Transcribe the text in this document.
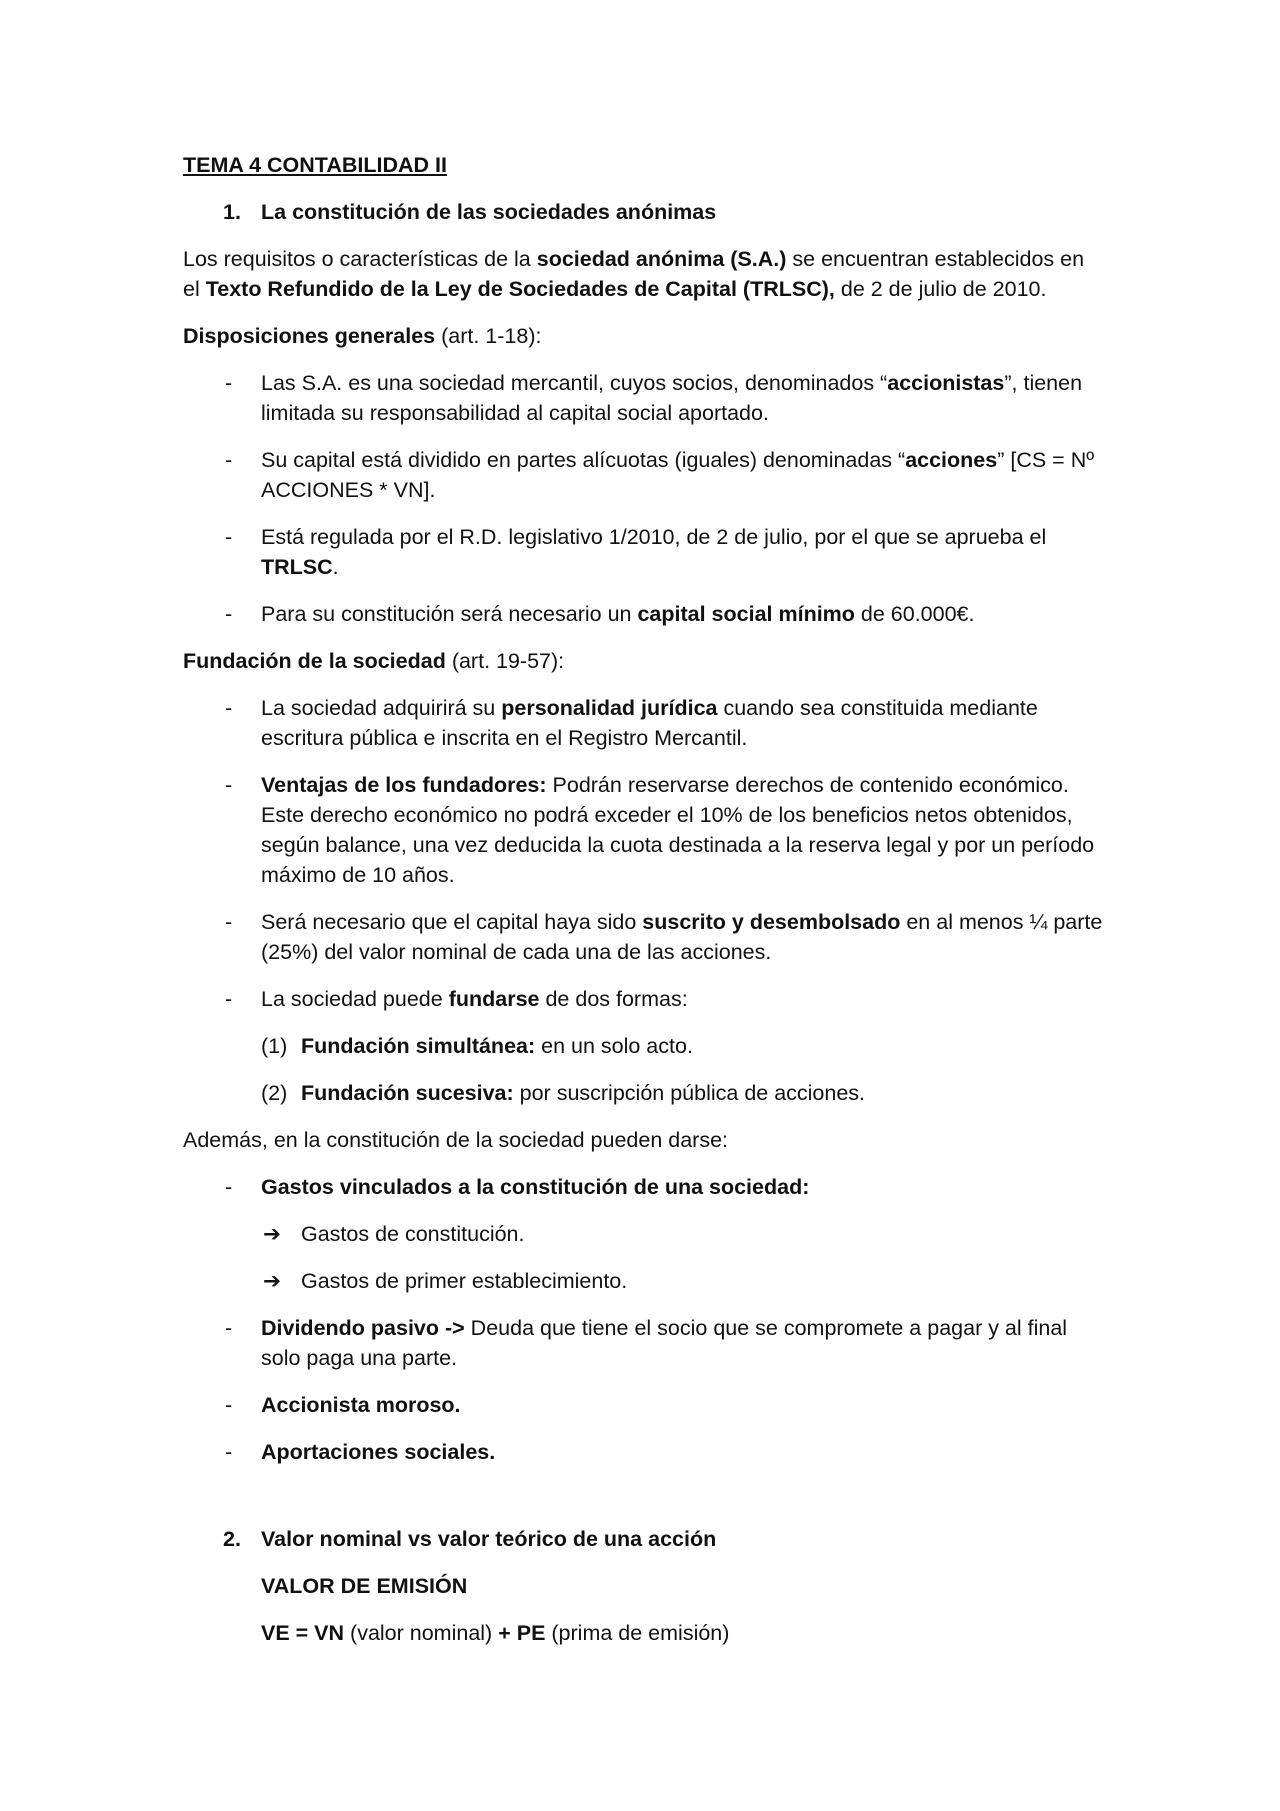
TEMA 4 CONTABILIDAD II

1. La constitución de las sociedades anónimas

Los requisitos o características de la sociedad anónima (S.A.) se encuentran establecidos en el Texto Refundido de la Ley de Sociedades de Capital (TRLSC), de 2 de julio de 2010.

Disposiciones generales (art. 1-18):

- Las S.A. es una sociedad mercantil, cuyos socios, denominados “accionistas”, tienen limitada su responsabilidad al capital social aportado.

- Su capital está dividido en partes alícuotas (iguales) denominadas “acciones” [CS = Nº ACCIONES * VN].

- Está regulada por el R.D. legislativo 1/2010, de 2 de julio, por el que se aprueba el TRLSC.

- Para su constitución será necesario un capital social mínimo de 60.000€.

Fundación de la sociedad (art. 19-57):

- La sociedad adquirirá su personalidad jurídica cuando sea constituida mediante escritura pública e inscrita en el Registro Mercantil.

- Ventajas de los fundadores: Podrán reservarse derechos de contenido económico. Este derecho económico no podrá exceder el 10% de los beneficios netos obtenidos, según balance, una vez deducida la cuota destinada a la reserva legal y por un período máximo de 10 años.

- Será necesario que el capital haya sido suscrito y desembolsado en al menos ¼ parte (25%) del valor nominal de cada una de las acciones.

- La sociedad puede fundarse de dos formas:

(1) Fundación simultánea: en un solo acto.

(2) Fundación sucesiva: por suscripción pública de acciones.

Además, en la constitución de la sociedad pueden darse:

- Gastos vinculados a la constitución de una sociedad:

➔ Gastos de constitución.

➔ Gastos de primer establecimiento.

- Dividendo pasivo -> Deuda que tiene el socio que se compromete a pagar y al final solo paga una parte.

- Accionista moroso.

- Aportaciones sociales.

2. Valor nominal vs valor teórico de una acción

VALOR DE EMISIÓN

VE = VN (valor nominal) + PE (prima de emisión)
